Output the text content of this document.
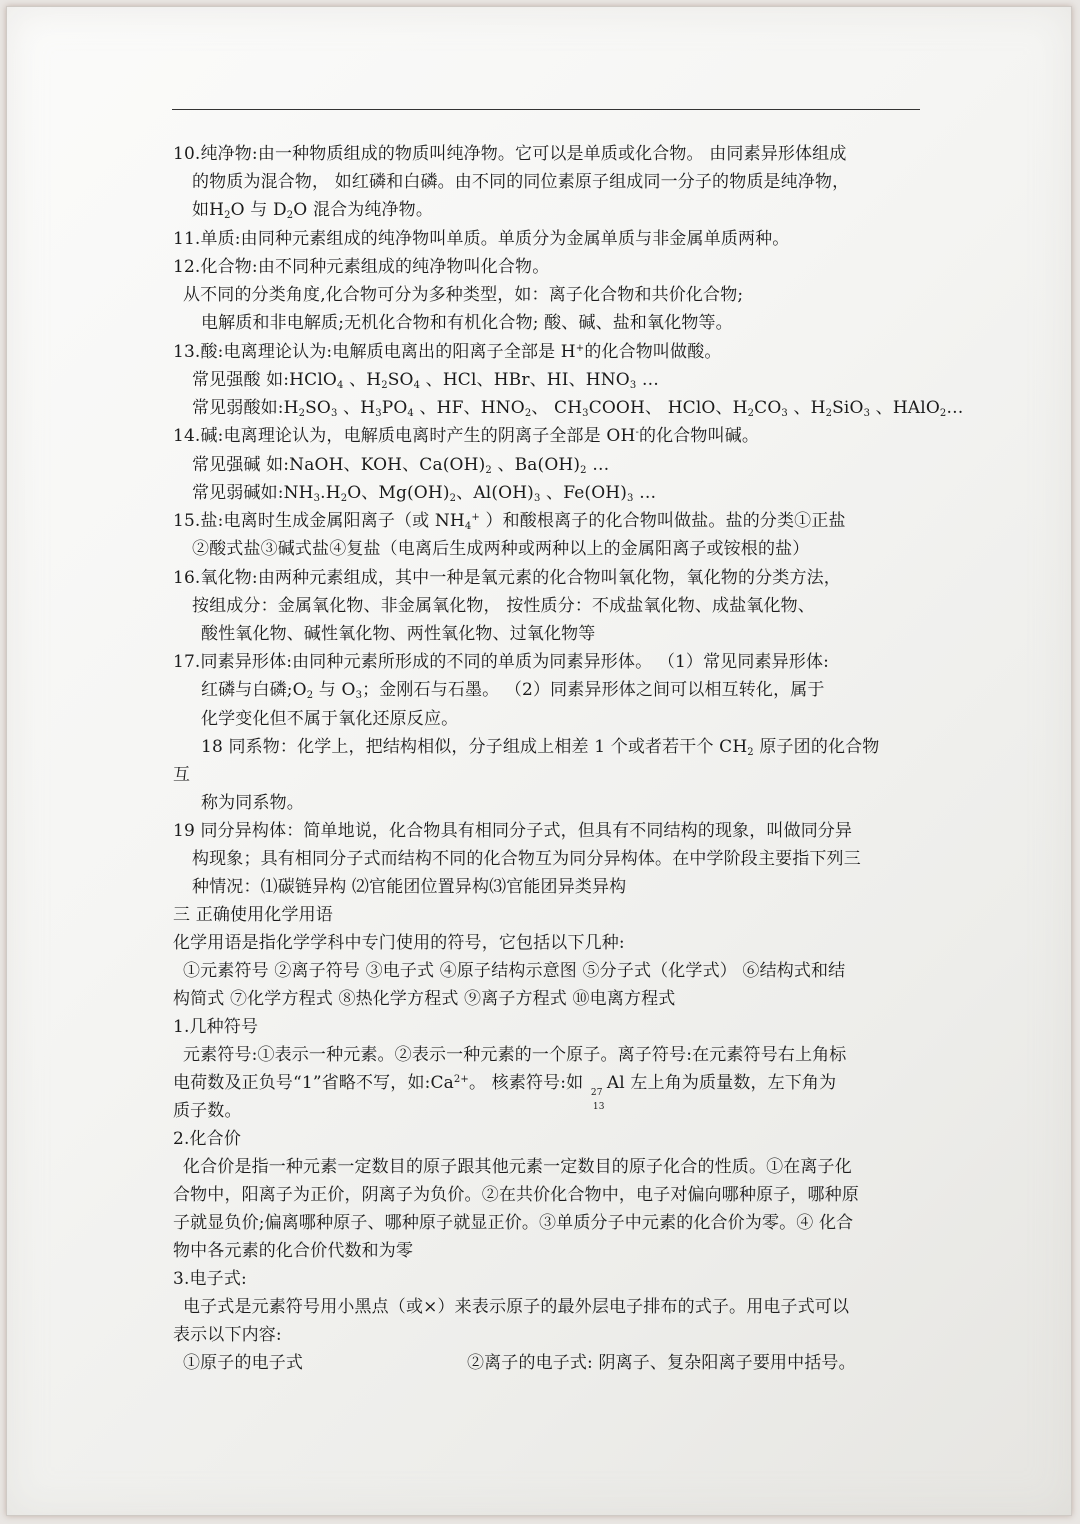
10.纯净物:由一种物质组成的物质叫纯净物。它可以是单质或化合物。 由同素异形体组成
的物质为混合物， 如红磷和白磷。由不同的同位素原子组成同一分子的物质是纯净物，
如$H_2O$ 与 $D_2O$ 混合为纯净物。
11.单质:由同种元素组成的纯净物叫单质。单质分为金属单质与非金属单质两种。
12.化合物:由不同种元素组成的纯净物叫化合物。
从不同的分类角度,化合物可分为多种类型，如：离子化合物和共价化合物;
电解质和非电解质;无机化合物和有机化合物; 酸、碱、盐和氧化物等。
13.酸:电离理论认为:电解质电离出的阳离子全部是 H+的化合物叫做酸。
常见强酸 如:HClO$_4$ 、$H_2SO_4$ 、HCl、HBr、HI、$HNO_3$ …
常见弱酸如$:H_2SO_3$ 、$H_3PO_4$ 、HF、$HNO_2$、 $CH_3COOH$、 HClO、$H_2CO_3$ 、$H_2SiO_3$ 、HAlO$_2$…
14.碱:电离理论认为，电解质电离时产生的阴离子全部是 OH-的化合物叫碱。
常见强碱 如:NaOH、KOH、$Ca(OH)_2$ 、$Ba(OH)_2$ …
常见弱碱如$:NH_3.H_2O$、$Mg(OH)_2$、$Al(OH)_3$ 、$Fe(OH)_3$ …
15.盐:电离时生成金属阳离子（或 $NH_4^+$ ）和酸根离子的化合物叫做盐。盐的分类①正盐
②酸式盐③碱式盐④复盐（电离后生成两种或两种以上的金属阳离子或铵根的盐）
16.氧化物:由两种元素组成，其中一种是氧元素的化合物叫氧化物，氧化物的分类方法，
按组成分：金属氧化物、非金属氧化物， 按性质分：不成盐氧化物、成盐氧化物、
酸性氧化物、碱性氧化物、两性氧化物、过氧化物等
17.同素异形体:由同种元素所形成的不同的单质为同素异形体。 （1）常见同素异形体:
红磷与白磷$;O_2$ 与 $O_3$；金刚石与石墨。 （2）同素异形体之间可以相互转化，属于
化学变化但不属于氧化还原反应。
18 同系物：化学上，把结构相似，分子组成上相差 1 个或者若干个 $CH_2$ 原子团的化合物
互
称为同系物。
19 同分异构体：简单地说，化合物具有相同分子式，但具有不同结构的现象，叫做同分异
构现象；具有相同分子式而结构不同的化合物互为同分异构体。在中学阶段主要指下列三
种情况：⑴碳链异构 ⑵官能团位置异构⑶官能团异类异构
三 正确使用化学用语
化学用语是指化学学科中专门使用的符号，它包括以下几种:
①元素符号 ②离子符号 ③电子式 ④原子结构示意图 ⑤分子式（化学式） ⑥结构式和结
构简式 ⑦化学方程式 ⑧热化学方程式 ⑨离子方程式 ⑩电离方程式
1.几种符号
元素符号:①表示一种元素。②表示一种元素的一个原子。离子符号:在元素符号右上角标
电荷数及正负号“1”省略不写，如$:Ca^{2+}$。 核素符号:如 27
13
Al 左上角为质量数，左下角为
质子数。
2.化合价
化合价是指一种元素一定数目的原子跟其他元素一定数目的原子化合的性质。①在离子化
合物中，阳离子为正价，阴离子为负价。②在共价化合物中，电子对偏向哪种原子，哪种原
子就显负价;偏离哪种原子、哪种原子就显正价。③单质分子中元素的化合价为零。④ 化合
物中各元素的化合价代数和为零
3.电子式:
电子式是元素符号用小黑点（或×）来表示原子的最外层电子排布的式子。用电子式可以
表示以下内容:
①原子的电子式	②离子的电子式: 阴离子、复杂阳离子要用中括号。
